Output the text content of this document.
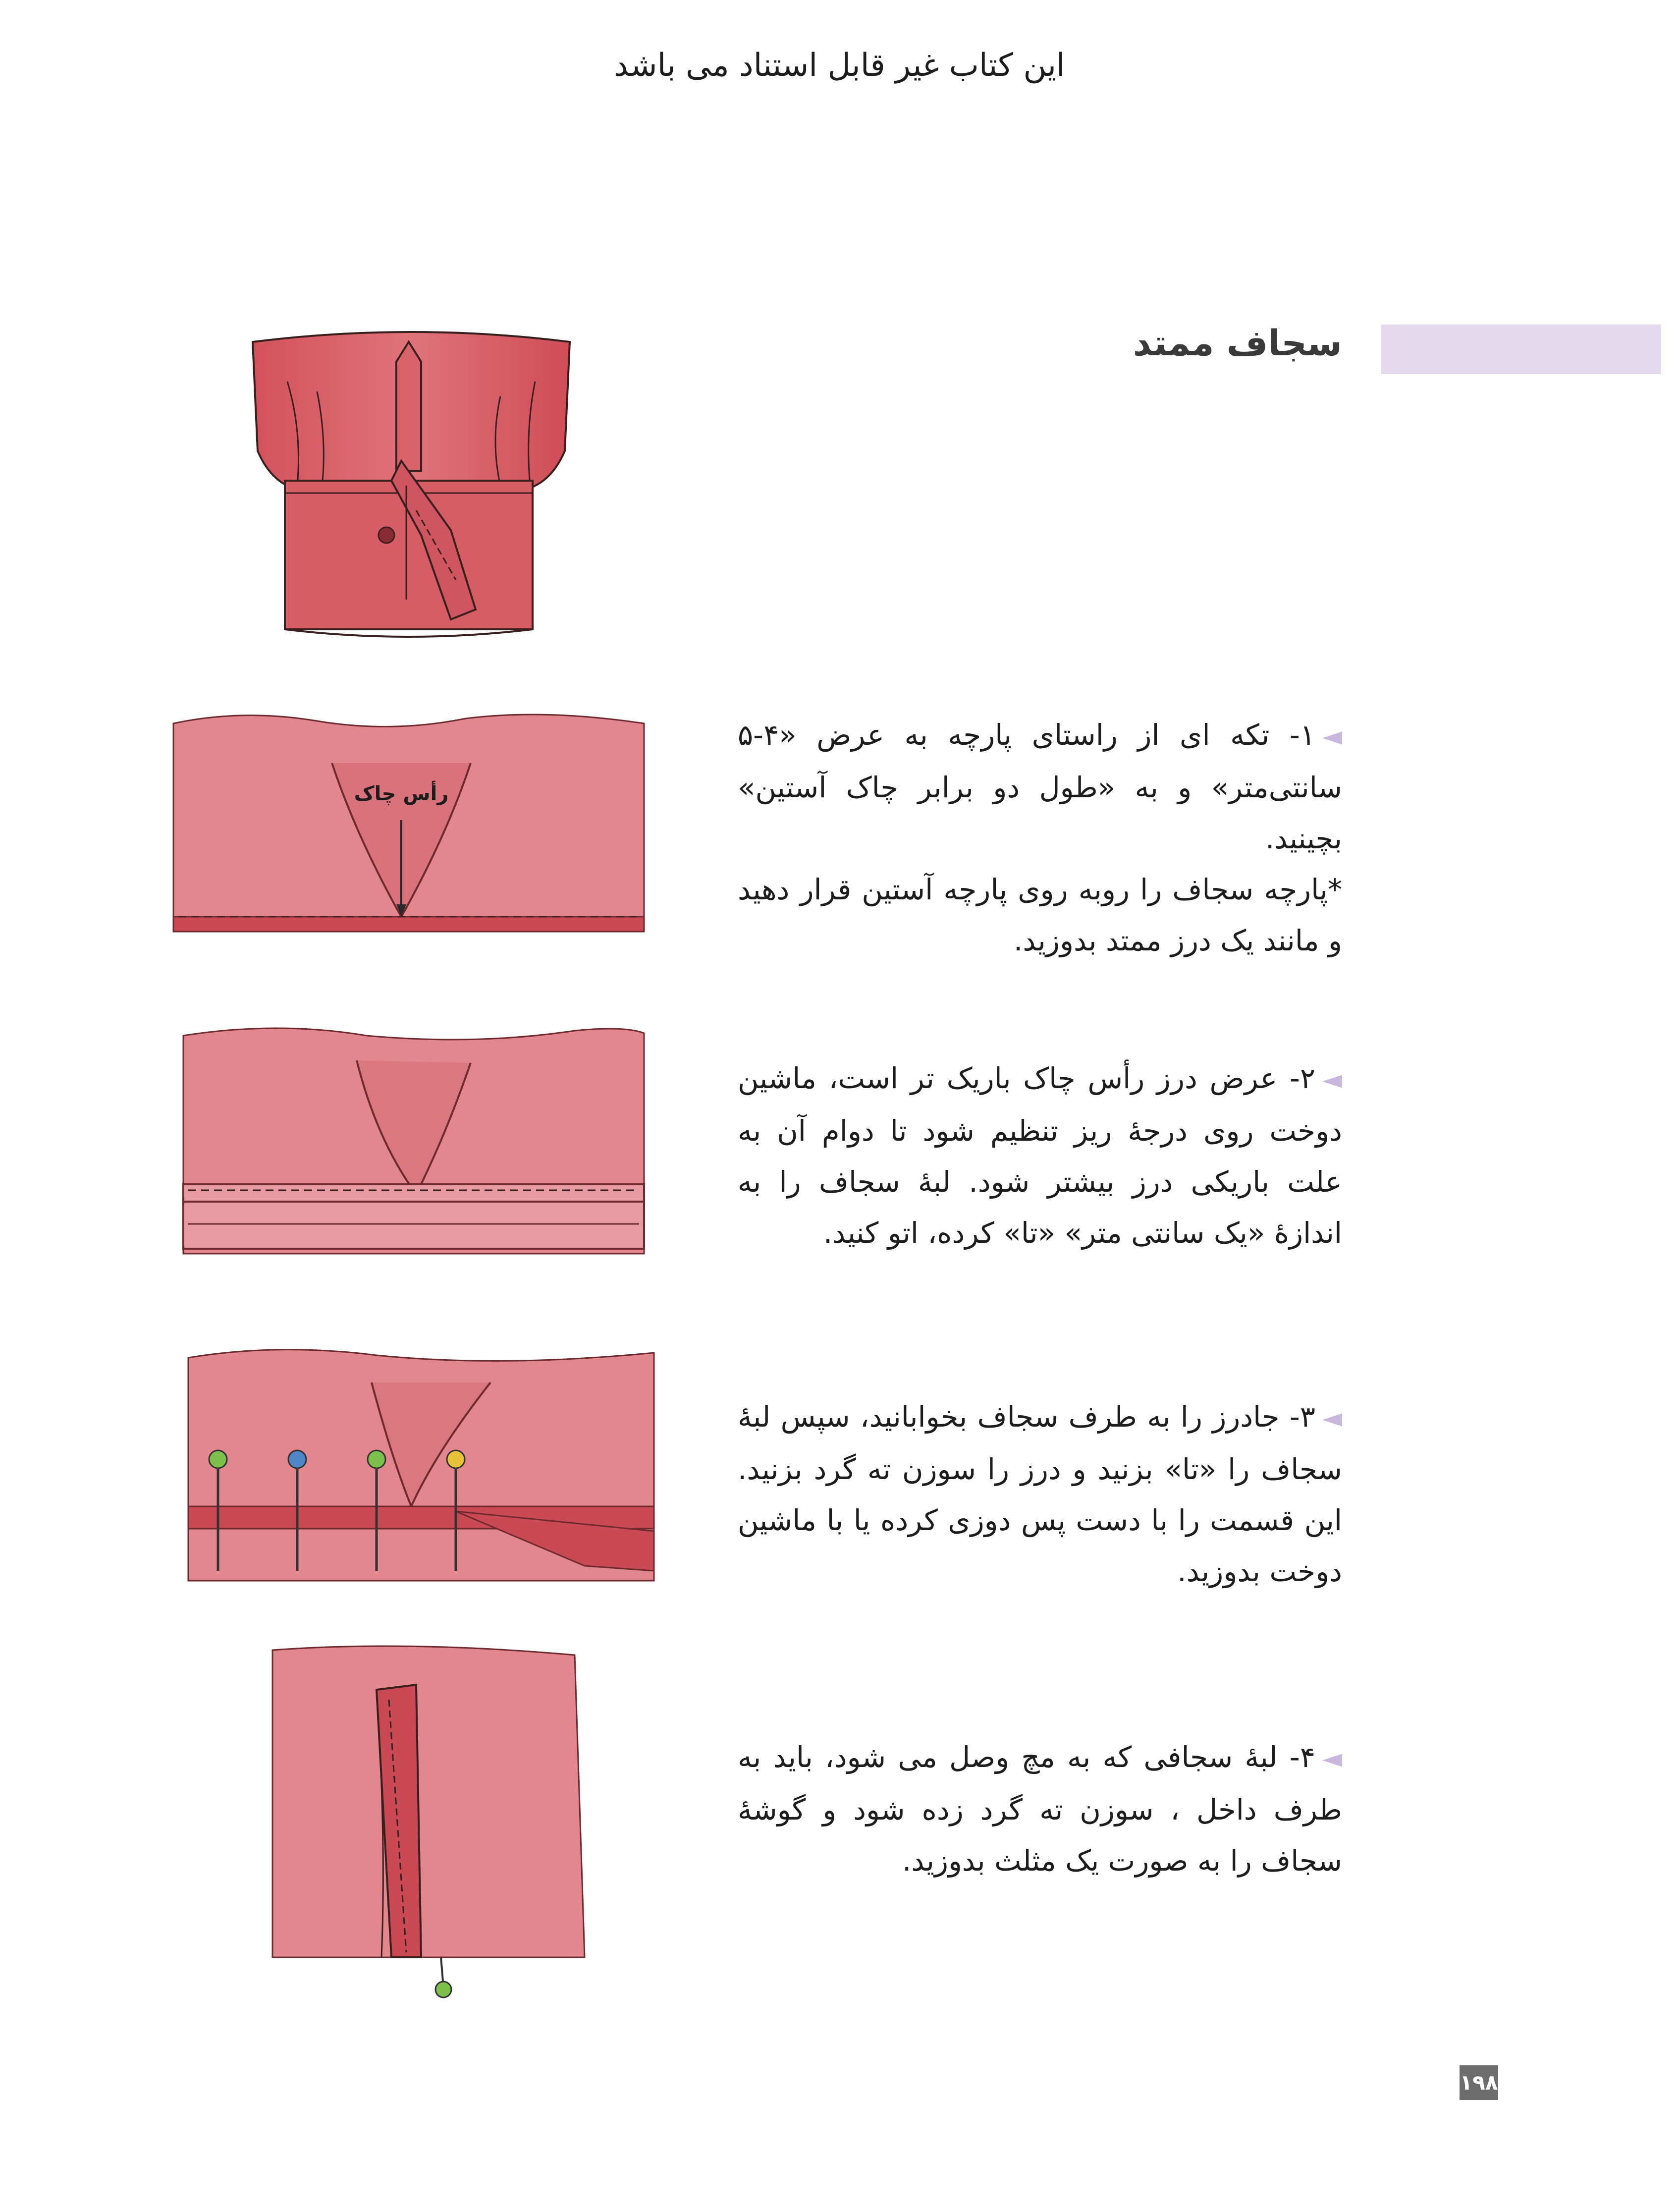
این کتاب غیر قابل استناد می باشد
سجاف ممتد
رأس چاک

◄۱- تکه ای از راستای پارچه به عرض «۴-۵ سانتی‌متر» و به «طول دو برابر چاک آستین» بچینید.

*پارچه سجاف را روبه روی پارچه آستین قرار دهید و مانند یک درز ممتد بدوزید.

◄۲- عرض درز رأس چاک باریک تر است، ماشین دوخت روی درجهٔ ریز تنظیم شود تا دوام آن به علت باریکی درز بیشتر شود. لبهٔ سجاف را به اندازهٔ «یک سانتی متر» «تا» کرده، اتو کنید.

◄۳- جادرز را به طرف سجاف بخوابانید، سپس لبهٔ سجاف را «تا» بزنید و درز را سوزن ته گرد بزنید. این قسمت را با دست پس دوزی کرده یا با ماشین دوخت بدوزید.

◄۴- لبهٔ سجافی که به مچ وصل می شود، باید به طرف داخل ، سوزن ته گرد زده شود و گوشهٔ سجاف را به صورت یک مثلث بدوزید.

۱۹۸
